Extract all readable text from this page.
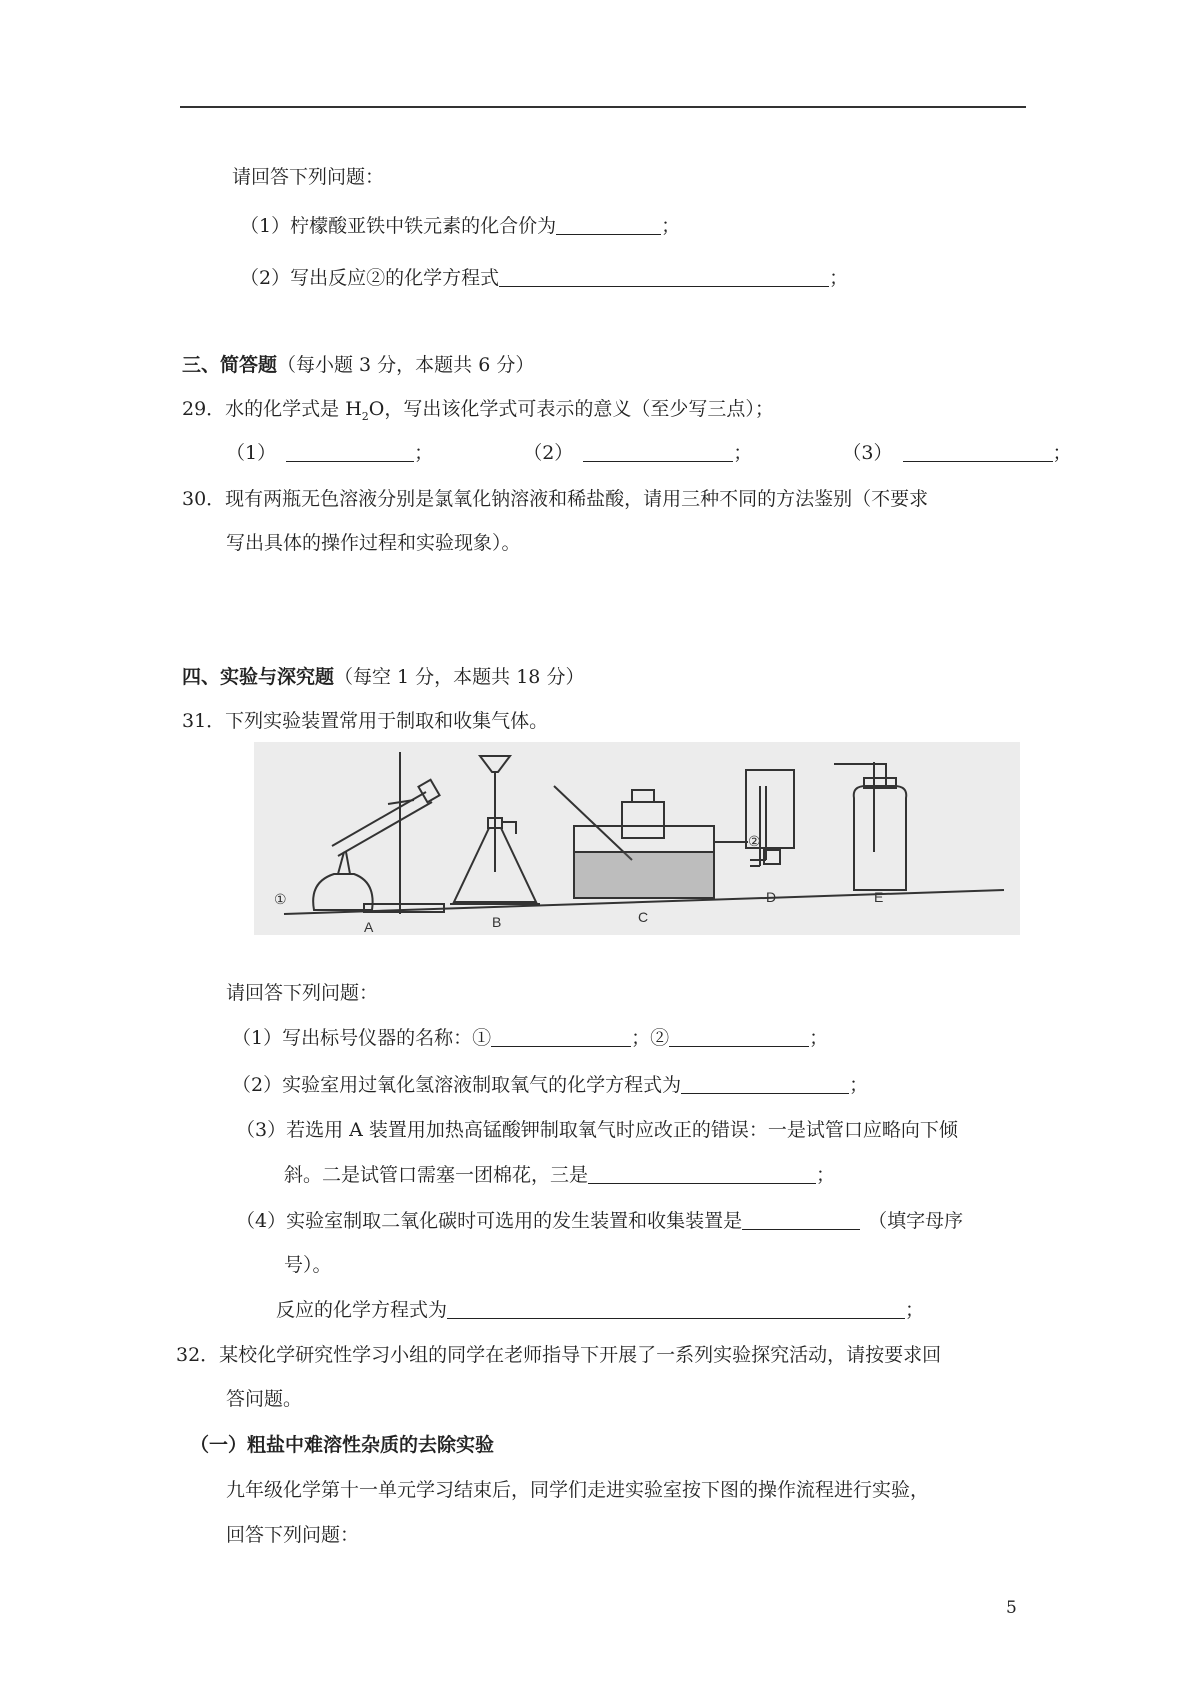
请回答下列问题：
（1）柠檬酸亚铁中铁元素的化合价为	；
（2）写出反应②的化学方程式	；
三、简答题（每小题 3 分，本题共 6 分）
29．水的化学式是 $H_2O$，写出该化学式可表示的意义（至少写三点）；
（1）	；	（2）	；	（3）	；
30．现有两瓶无色溶液分别是氯氧化钠溶液和稀盐酸，请用三种不同的方法鉴别（不要求
写出具体的操作过程和实验现象）。
四、实验与深究题（每空 1 分，本题共 18 分）
31．下列实验装置常用于制取和收集气体。
A	B	C
D	E
①
②
请回答下列问题：
（1）写出标号仪器的名称：①	；②	；
（2）实验室用过氧化氢溶液制取氧气的化学方程式为	；
（3）若选用 A 装置用加热高锰酸钾制取氧气时应改正的错误：一是试管口应略向下倾
斜。二是试管口需塞一团棉花，三是	；
（4）实验室制取二氧化碳时可选用的发生装置和收集装置是	（填字母序
号）。
反应的化学方程式为	；
32．某校化学研究性学习小组的同学在老师指导下开展了一系列实验探究活动，请按要求回
答问题。
（一）粗盐中难溶性杂质的去除实验
九年级化学第十一单元学习结束后，同学们走进实验室按下图的操作流程进行实验，
回答下列问题：
5
